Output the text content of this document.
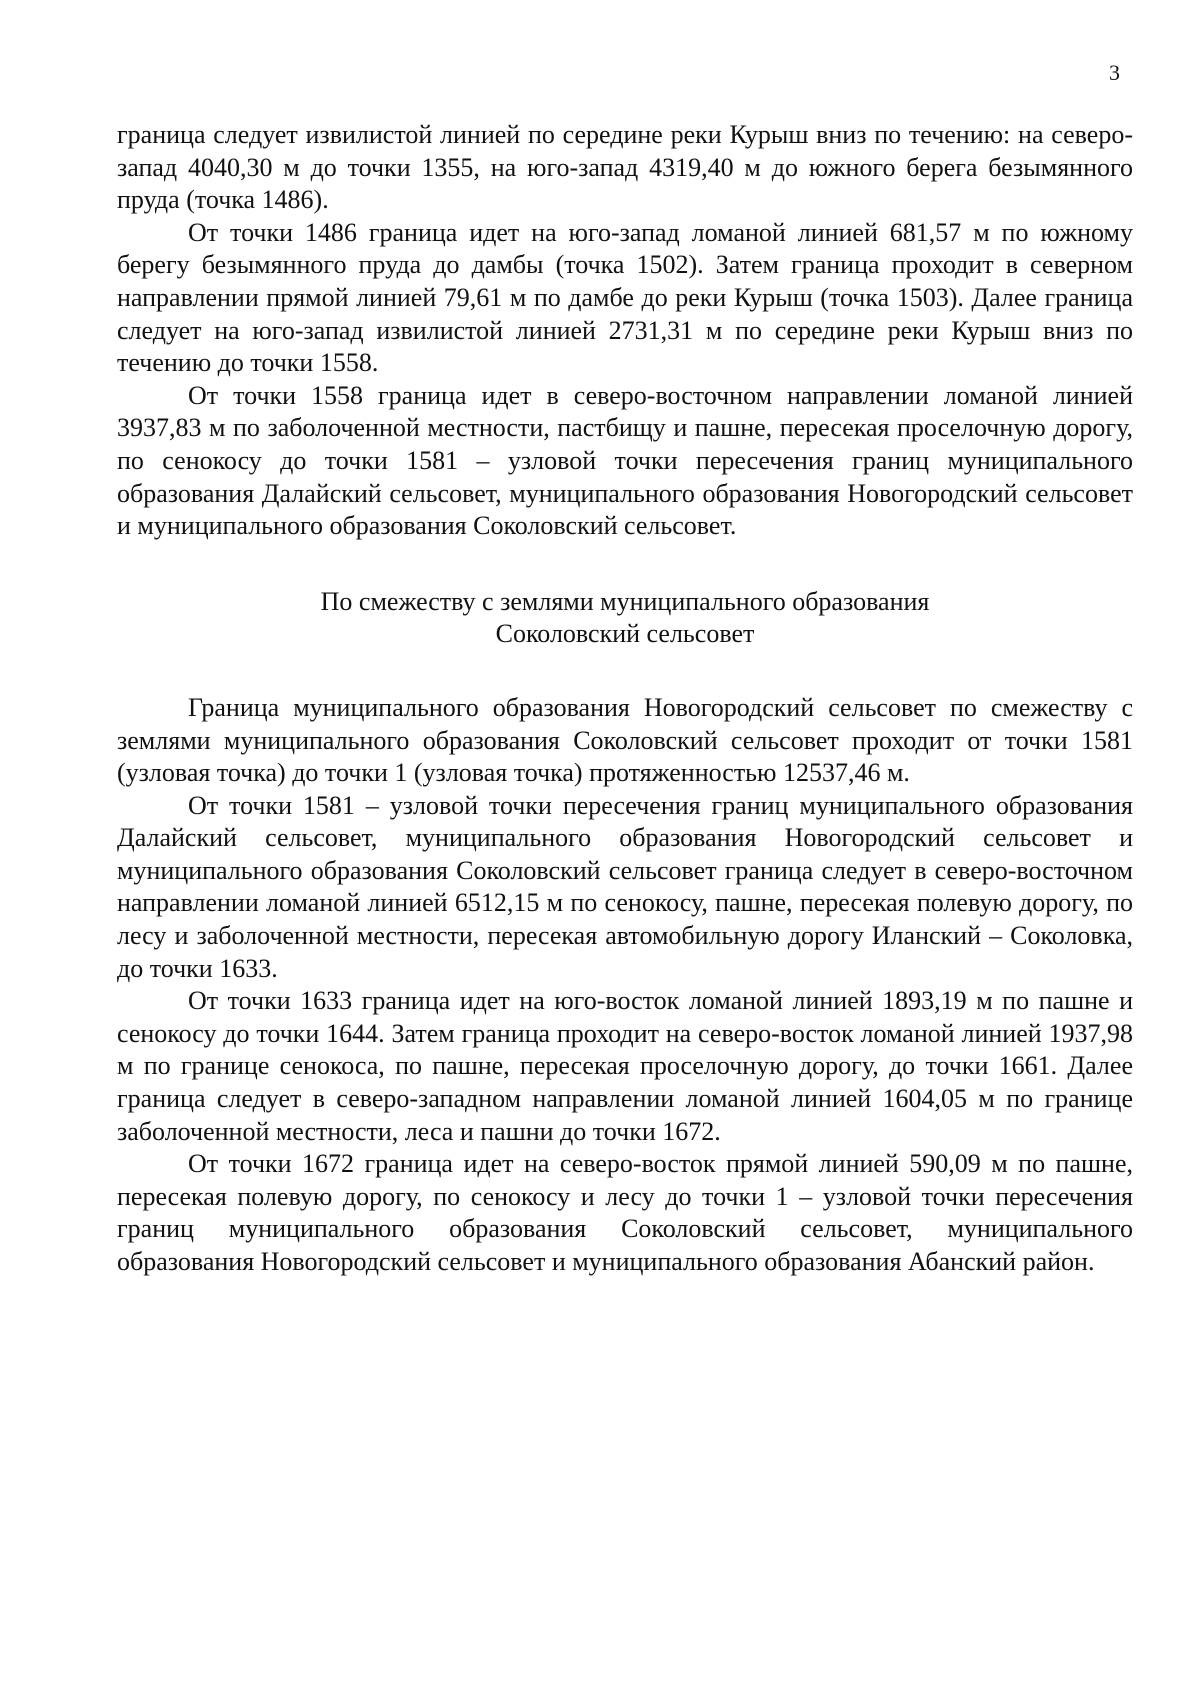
3

граница следует извилистой линией по середине реки Курыш вниз по течению: на северо-запад 4040,30 м до точки 1355, на юго-запад 4319,40 м до южного берега безымянного пруда (точка 1486).

От точки 1486 граница идет на юго-запад ломаной линией 681,57 м по южному берегу безымянного пруда до дамбы (точка 1502). Затем граница проходит в северном направлении прямой линией 79,61 м по дамбе до реки Курыш (точка 1503). Далее граница следует на юго-запад извилистой линией 2731,31 м по середине реки Курыш вниз по течению до точки 1558.

От точки 1558 граница идет в северо-восточном направлении ломаной линией 3937,83 м по заболоченной местности, пастбищу и пашне, пересекая проселочную дорогу, по сенокосу до точки 1581 – узловой точки пересечения границ муниципального образования Далайский сельсовет, муниципального образования Новогородский сельсовет и муниципального образования Соколовский сельсовет.

По смежеству с землями муниципального образования
Соколовский сельсовет

Граница муниципального образования Новогородский сельсовет по смежеству с землями муниципального образования Соколовский сельсовет проходит от точки 1581 (узловая точка) до точки 1 (узловая точка) протяженностью 12537,46 м.

От точки 1581 – узловой точки пересечения границ муниципального образования Далайский сельсовет, муниципального образования Новогородский сельсовет и муниципального образования Соколовский сельсовет граница следует в северо-восточном направлении ломаной линией 6512,15 м по сенокосу, пашне, пересекая полевую дорогу, по лесу и заболоченной местности, пересекая автомобильную дорогу Иланский – Соколовка, до точки 1633.

От точки 1633 граница идет на юго-восток ломаной линией 1893,19 м по пашне и сенокосу до точки 1644. Затем граница проходит на северо-восток ломаной линией 1937,98 м по границе сенокоса, по пашне, пересекая проселочную дорогу, до точки 1661. Далее граница следует в северо-западном направлении ломаной линией 1604,05 м по границе заболоченной местности, леса и пашни до точки 1672.

От точки 1672 граница идет на северо-восток прямой линией 590,09 м по пашне, пересекая полевую дорогу, по сенокосу и лесу до точки 1 – узловой точки пересечения границ муниципального образования Соколовский сельсовет, муниципального образования Новогородский сельсовет и муниципального образования Абанский район.
